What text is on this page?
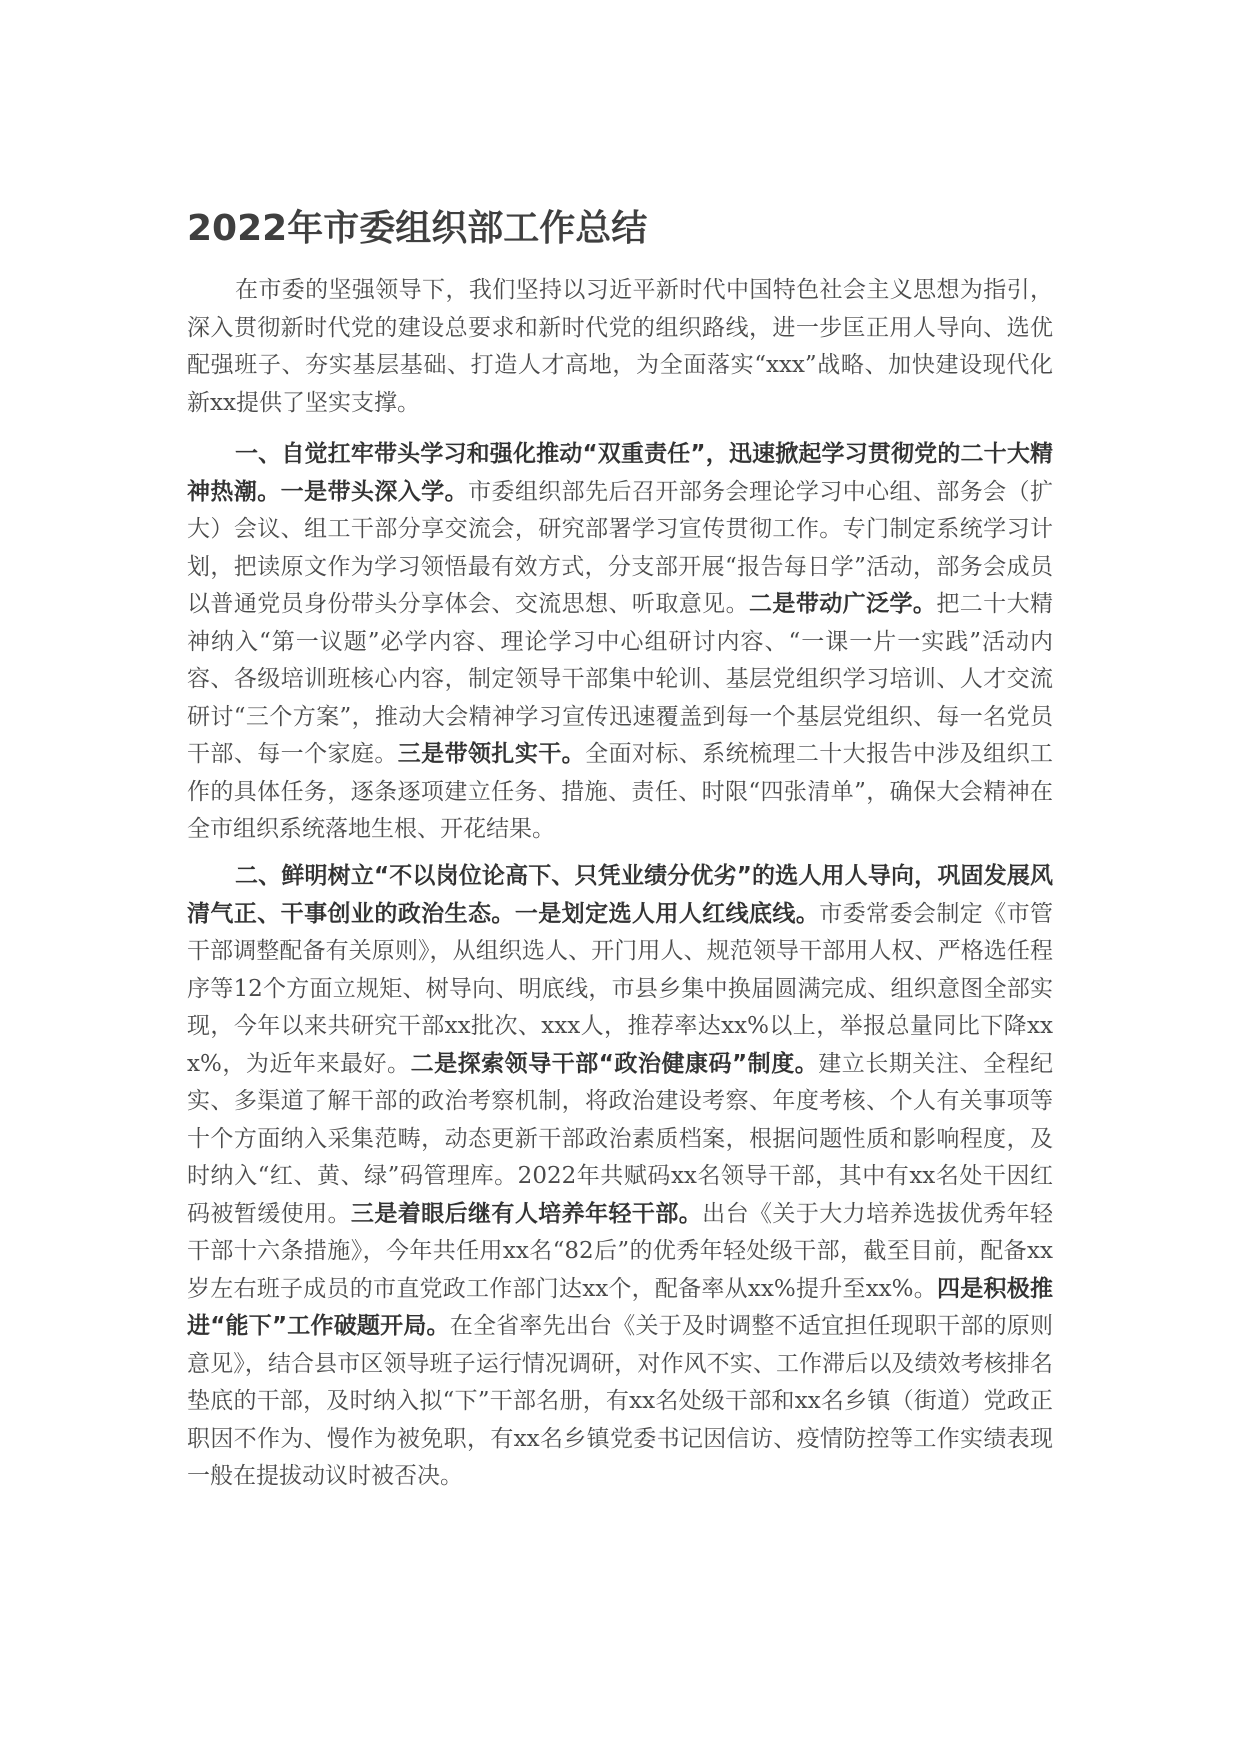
2022年市委组织部工作总结

在市委的坚强领导下，我们坚持以习近平新时代中国特色社会主义思想为指引，深入贯彻新时代党的建设总要求和新时代党的组织路线，进一步匡正用人导向、选优配强班子、夯实基层基础、打造人才高地，为全面落实“xxx”战略、加快建设现代化新xx提供了坚实支撑。

一、自觉扛牢带头学习和强化推动“双重责任”，迅速掀起学习贯彻党的二十大精神热潮。一是带头深入学。市委组织部先后召开部务会理论学习中心组、部务会（扩大）会议、组工干部分享交流会，研究部署学习宣传贯彻工作。专门制定系统学习计划，把读原文作为学习领悟最有效方式，分支部开展“报告每日学”活动，部务会成员以普通党员身份带头分享体会、交流思想、听取意见。二是带动广泛学。把二十大精神纳入“第一议题”必学内容、理论学习中心组研讨内容、“一课一片一实践”活动内容、各级培训班核心内容，制定领导干部集中轮训、基层党组织学习培训、人才交流研讨“三个方案”，推动大会精神学习宣传迅速覆盖到每一个基层党组织、每一名党员干部、每一个家庭。三是带领扎实干。全面对标、系统梳理二十大报告中涉及组织工作的具体任务，逐条逐项建立任务、措施、责任、时限“四张清单”，确保大会精神在全市组织系统落地生根、开花结果。

二、鲜明树立“不以岗位论高下、只凭业绩分优劣”的选人用人导向，巩固发展风清气正、干事创业的政治生态。一是划定选人用人红线底线。市委常委会制定《市管干部调整配备有关原则》，从组织选人、开门用人、规范领导干部用人权、严格选任程序等12个方面立规矩、树导向、明底线，市县乡集中换届圆满完成、组织意图全部实现，今年以来共研究干部xx批次、xxx人，推荐率达xx%以上，举报总量同比下降xxx%，为近年来最好。二是探索领导干部“政治健康码”制度。建立长期关注、全程纪实、多渠道了解干部的政治考察机制，将政治建设考察、年度考核、个人有关事项等十个方面纳入采集范畴，动态更新干部政治素质档案，根据问题性质和影响程度，及时纳入“红、黄、绿”码管理库。2022年共赋码xx名领导干部，其中有xx名处干因红码被暂缓使用。三是着眼后继有人培养年轻干部。出台《关于大力培养选拔优秀年轻干部十六条措施》，今年共任用xx名“82后”的优秀年轻处级干部，截至目前，配备xx岁左右班子成员的市直党政工作部门达xx个，配备率从xx%提升至xx%。四是积极推进“能下”工作破题开局。在全省率先出台《关于及时调整不适宜担任现职干部的原则意见》，结合县市区领导班子运行情况调研，对作风不实、工作滞后以及绩效考核排名垫底的干部，及时纳入拟“下”干部名册，有xx名处级干部和xx名乡镇（街道）党政正职因不作为、慢作为被免职，有xx名乡镇党委书记因信访、疫情防控等工作实绩表现一般在提拔动议时被否决。
